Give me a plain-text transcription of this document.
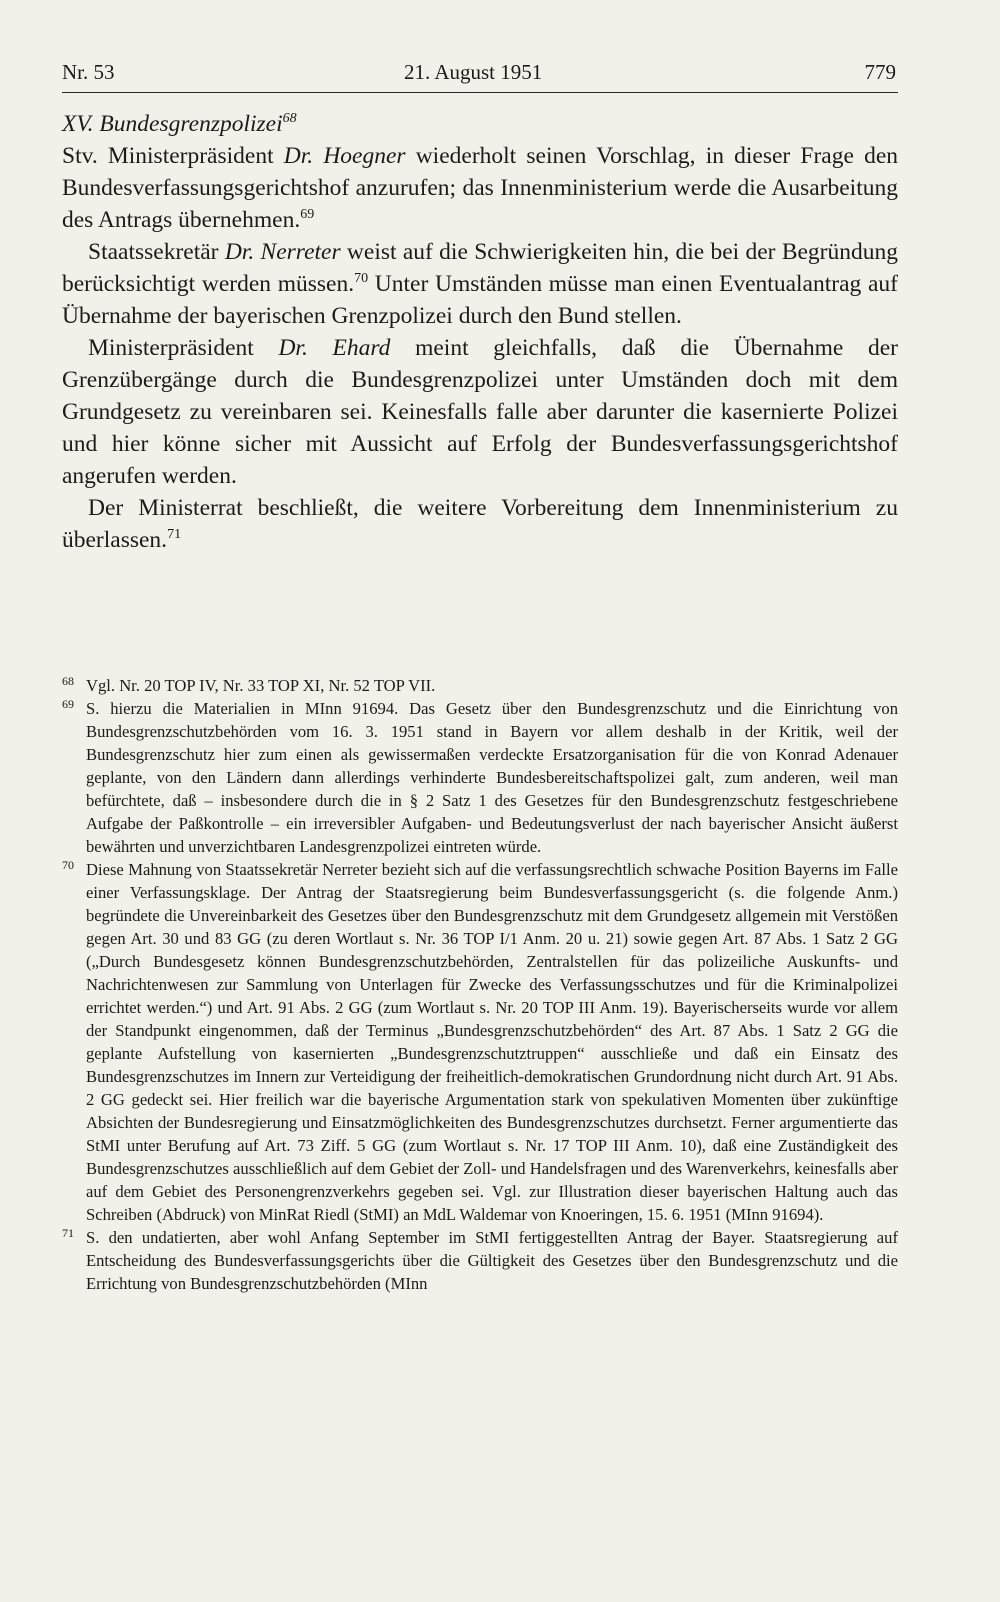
Nr. 53	21. August 1951	779

XV. Bundesgrenzpolizei$^{68}$

Stv. Ministerpräsident Dr. Hoegner wiederholt seinen Vorschlag, in dieser Frage den Bundesverfassungsgerichtshof anzurufen; das Innenministerium werde die Ausarbeitung des Antrags übernehmen.$^{69}$

Staatssekretär Dr. Nerreter weist auf die Schwierigkeiten hin, die bei der Begründung berücksichtigt werden müssen.$^{70}$ Unter Umständen müsse man einen Eventualantrag auf Übernahme der bayerischen Grenzpolizei durch den Bund stellen.

Ministerpräsident Dr. Ehard meint gleichfalls, daß die Übernahme der Grenzübergänge durch die Bundesgrenzpolizei unter Umständen doch mit dem Grundgesetz zu vereinbaren sei. Keinesfalls falle aber darunter die kasernierte Polizei und hier könne sicher mit Aussicht auf Erfolg der Bundesverfassungsgerichtshof angerufen werden.

Der Ministerrat beschließt, die weitere Vorbereitung dem Innenministerium zu überlassen.$^{71}$

68 Vgl. Nr. 20 TOP IV, Nr. 33 TOP XI, Nr. 52 TOP VII.

69 S. hierzu die Materialien in MInn 91694. Das Gesetz über den Bundesgrenzschutz und die Einrichtung von Bundesgrenzschutzbehörden vom 16. 3. 1951 stand in Bayern vor allem deshalb in der Kritik, weil der Bundesgrenzschutz hier zum einen als gewissermaßen verdeckte Ersatzorganisation für die von Konrad Adenauer geplante, von den Ländern dann allerdings verhinderte Bundesbereitschaftspolizei galt, zum anderen, weil man befürchtete, daß – insbesondere durch die in § 2 Satz 1 des Gesetzes für den Bundesgrenzschutz festgeschriebene Aufgabe der Paßkontrolle – ein irreversibler Aufgaben- und Bedeutungsverlust der nach bayerischer Ansicht äußerst bewährten und unverzichtbaren Landesgrenzpolizei eintreten würde.

70 Diese Mahnung von Staatssekretär Nerreter bezieht sich auf die verfassungsrechtlich schwache Position Bayerns im Falle einer Verfassungsklage. Der Antrag der Staatsregierung beim Bundesverfassungsgericht (s. die folgende Anm.) begründete die Unvereinbarkeit des Gesetzes über den Bundesgrenzschutz mit dem Grundgesetz allgemein mit Verstößen gegen Art. 30 und 83 GG (zu deren Wortlaut s. Nr. 36 TOP I/1 Anm. 20 u. 21) sowie gegen Art. 87 Abs. 1 Satz 2 GG („Durch Bundesgesetz können Bundesgrenzschutzbehörden, Zentralstellen für das polizeiliche Auskunfts- und Nachrichtenwesen zur Sammlung von Unterlagen für Zwecke des Verfassungsschutzes und für die Kriminalpolizei errichtet werden.“) und Art. 91 Abs. 2 GG (zum Wortlaut s. Nr. 20 TOP III Anm. 19). Bayerischerseits wurde vor allem der Standpunkt eingenommen, daß der Terminus „Bundesgrenzschutzbehörden“ des Art. 87 Abs. 1 Satz 2 GG die geplante Aufstellung von kasernierten „Bundesgrenzschutztruppen“ ausschließe und daß ein Einsatz des Bundesgrenzschutzes im Innern zur Verteidigung der freiheitlich-demokratischen Grundordnung nicht durch Art. 91 Abs. 2 GG gedeckt sei. Hier freilich war die bayerische Argumentation stark von spekulativen Momenten über zukünftige Absichten der Bundesregierung und Einsatzmöglichkeiten des Bundesgrenzschutzes durchsetzt. Ferner argumentierte das StMI unter Berufung auf Art. 73 Ziff. 5 GG (zum Wortlaut s. Nr. 17 TOP III Anm. 10), daß eine Zuständigkeit des Bundesgrenzschutzes ausschließlich auf dem Gebiet der Zoll- und Handelsfragen und des Warenverkehrs, keinesfalls aber auf dem Gebiet des Personengrenzverkehrs gegeben sei. Vgl. zur Illustration dieser bayerischen Haltung auch das Schreiben (Abdruck) von MinRat Riedl (StMI) an MdL Waldemar von Knoeringen, 15. 6. 1951 (MInn 91694).

71 S. den undatierten, aber wohl Anfang September im StMI fertiggestellten Antrag der Bayer. Staatsregierung auf Entscheidung des Bundesverfassungsgerichts über die Gültigkeit des Gesetzes über den Bundesgrenzschutz und die Errichtung von Bundesgrenzschutzbehörden (MInn
